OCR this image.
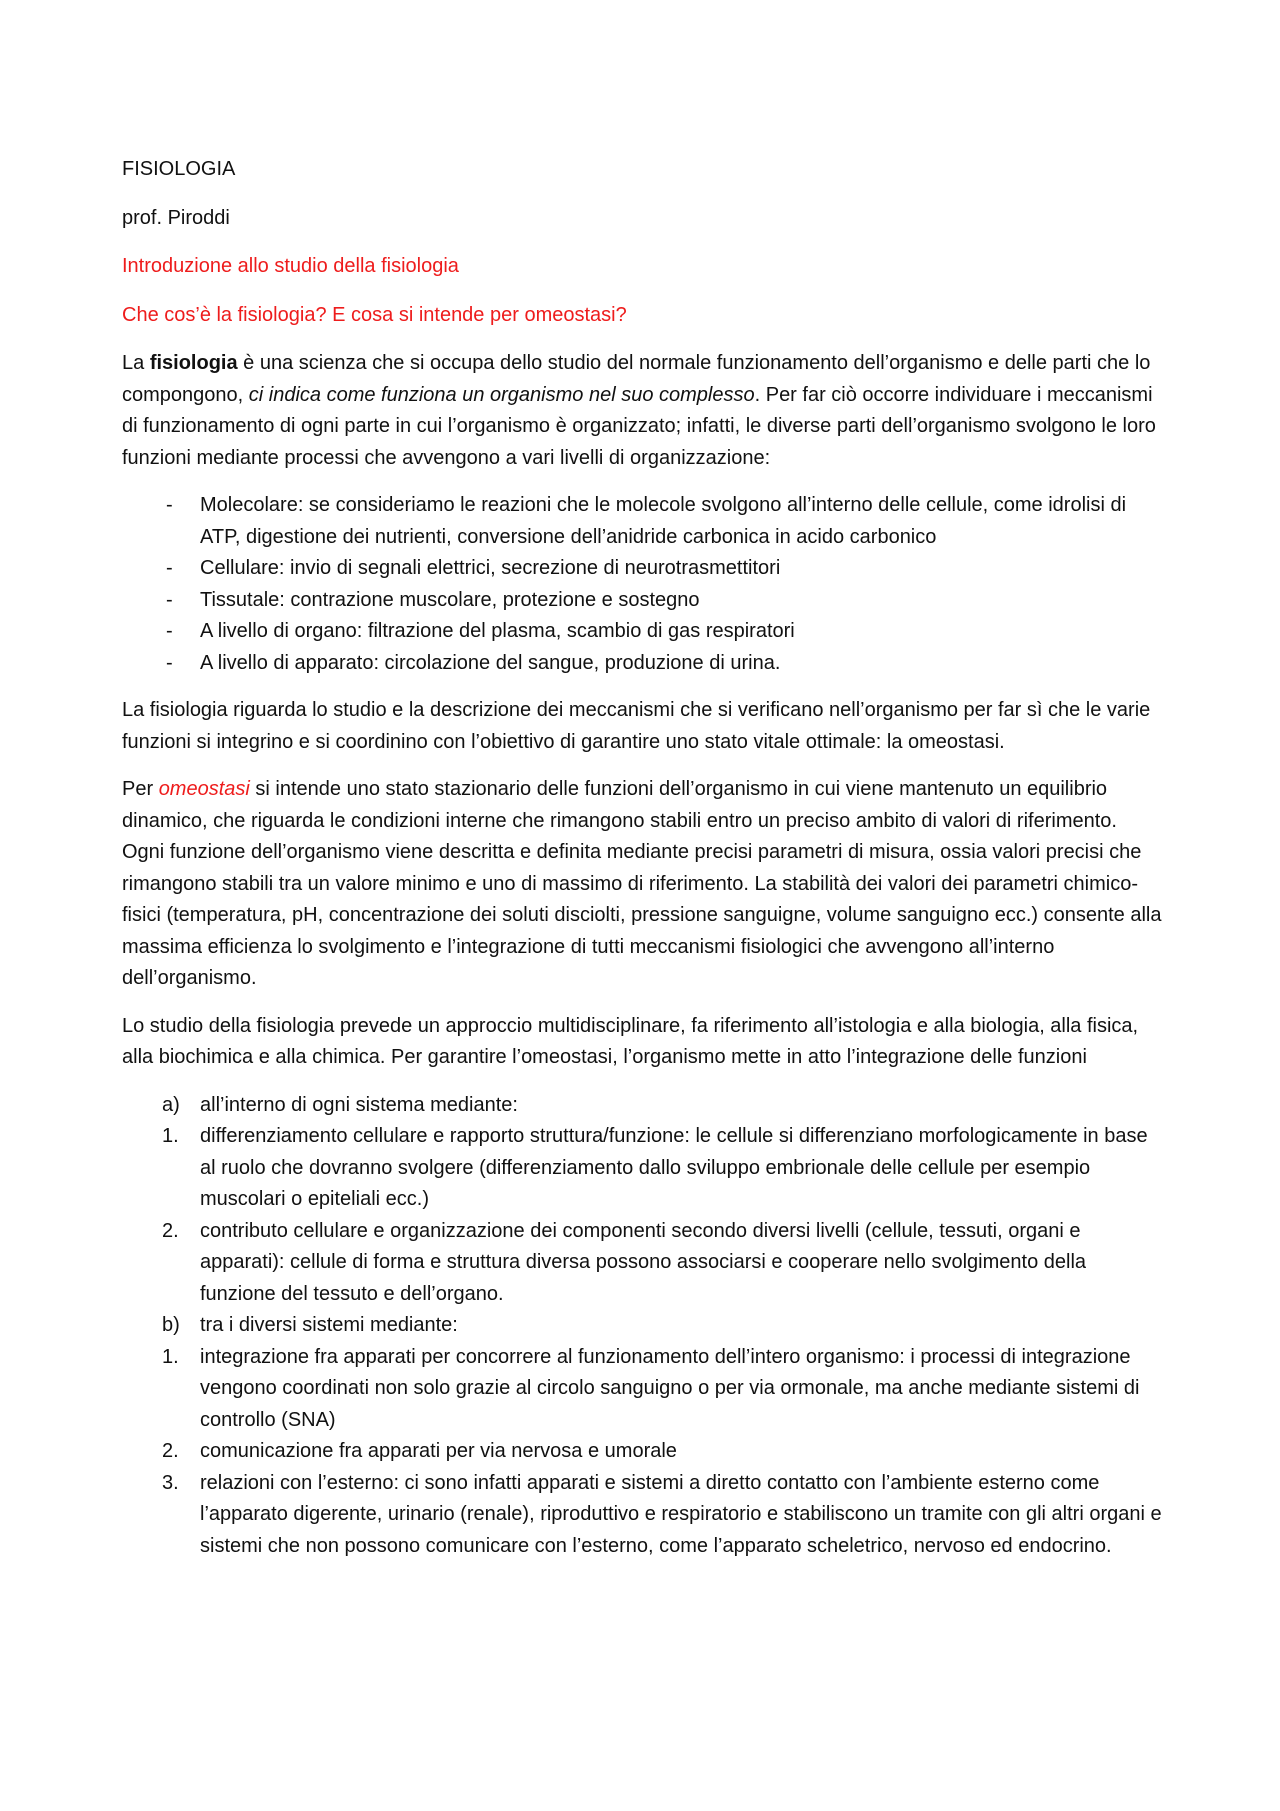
FISIOLOGIA

prof. Piroddi

Introduzione allo studio della fisiologia

Che cos’è la fisiologia? E cosa si intende per omeostasi?

La fisiologia è una scienza che si occupa dello studio del normale funzionamento dell’organismo e delle parti che lo compongono, ci indica come funziona un organismo nel suo complesso. Per far ciò occorre individuare i meccanismi di funzionamento di ogni parte in cui l’organismo è organizzato; infatti, le diverse parti dell’organismo svolgono le loro funzioni mediante processi che avvengono a vari livelli di organizzazione:

- Molecolare: se consideriamo le reazioni che le molecole svolgono all’interno delle cellule, come idrolisi di ATP, digestione dei nutrienti, conversione dell’anidride carbonica in acido carbonico
- Cellulare: invio di segnali elettrici, secrezione di neurotrasmettitori
- Tissutale: contrazione muscolare, protezione e sostegno
- A livello di organo: filtrazione del plasma, scambio di gas respiratori
- A livello di apparato: circolazione del sangue, produzione di urina.

La fisiologia riguarda lo studio e la descrizione dei meccanismi che si verificano nell’organismo per far sì che le varie funzioni si integrino e si coordinino con l’obiettivo di garantire uno stato vitale ottimale: la omeostasi.

Per omeostasi si intende uno stato stazionario delle funzioni dell’organismo in cui viene mantenuto un equilibrio dinamico, che riguarda le condizioni interne che rimangono stabili entro un preciso ambito di valori di riferimento. Ogni funzione dell’organismo viene descritta e definita mediante precisi parametri di misura, ossia valori precisi che rimangono stabili tra un valore minimo e uno di massimo di riferimento. La stabilità dei valori dei parametri chimico-fisici (temperatura, pH, concentrazione dei soluti disciolti, pressione sanguigne, volume sanguigno ecc.) consente alla massima efficienza lo svolgimento e l’integrazione di tutti meccanismi fisiologici che avvengono all’interno dell’organismo.

Lo studio della fisiologia prevede un approccio multidisciplinare, fa riferimento all’istologia e alla biologia, alla fisica, alla biochimica e alla chimica. Per garantire l’omeostasi, l’organismo mette in atto l’integrazione delle funzioni

a) all’interno di ogni sistema mediante:
1. differenziamento cellulare e rapporto struttura/funzione: le cellule si differenziano morfologicamente in base al ruolo che dovranno svolgere (differenziamento dallo sviluppo embrionale delle cellule per esempio muscolari o epiteliali ecc.)
2. contributo cellulare e organizzazione dei componenti secondo diversi livelli (cellule, tessuti, organi e apparati): cellule di forma e struttura diversa possono associarsi e cooperare nello svolgimento della funzione del tessuto e dell’organo.
b) tra i diversi sistemi mediante:
1. integrazione fra apparati per concorrere al funzionamento dell’intero organismo: i processi di integrazione vengono coordinati non solo grazie al circolo sanguigno o per via ormonale, ma anche mediante sistemi di controllo (SNA)
2. comunicazione fra apparati per via nervosa e umorale
3. relazioni con l’esterno: ci sono infatti apparati e sistemi a diretto contatto con l’ambiente esterno come l’apparato digerente, urinario (renale), riproduttivo e respiratorio e stabiliscono un tramite con gli altri organi e sistemi che non possono comunicare con l’esterno, come l’apparato scheletrico, nervoso ed endocrino.
